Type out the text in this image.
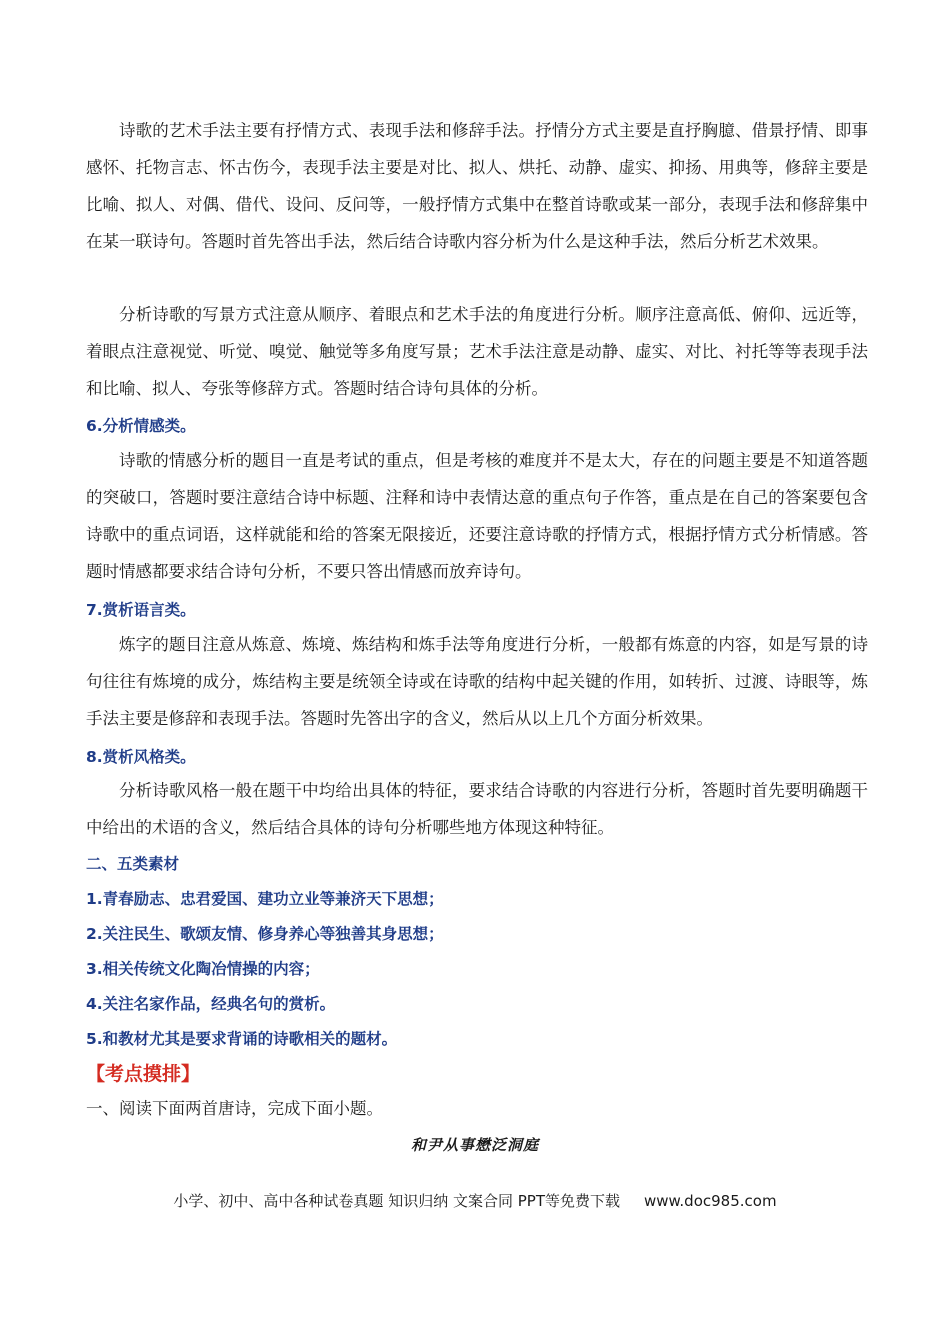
诗歌的艺术手法主要有抒情方式、表现手法和修辞手法。抒情分方式主要是直抒胸臆、借景抒情、即事感怀、托物言志、怀古伤今，表现手法主要是对比、拟人、烘托、动静、虚实、抑扬、用典等，修辞主要是比喻、拟人、对偶、借代、设问、反问等，一般抒情方式集中在整首诗歌或某一部分，表现手法和修辞集中在某一联诗句。答题时首先答出手法，然后结合诗歌内容分析为什么是这种手法，然后分析艺术效果。

分析诗歌的写景方式注意从顺序、着眼点和艺术手法的角度进行分析。顺序注意高低、俯仰、远近等，着眼点注意视觉、听觉、嗅觉、触觉等多角度写景；艺术手法注意是动静、虚实、对比、衬托等等表现手法和比喻、拟人、夸张等修辞方式。答题时结合诗句具体的分析。

6.分析情感类。

诗歌的情感分析的题目一直是考试的重点，但是考核的难度并不是太大，存在的问题主要是不知道答题的突破口，答题时要注意结合诗中标题、注释和诗中表情达意的重点句子作答，重点是在自己的答案要包含诗歌中的重点词语，这样就能和给的答案无限接近，还要注意诗歌的抒情方式，根据抒情方式分析情感。答题时情感都要求结合诗句分析，不要只答出情感而放弃诗句。

7.赏析语言类。

炼字的题目注意从炼意、炼境、炼结构和炼手法等角度进行分析，一般都有炼意的内容，如是写景的诗句往往有炼境的成分，炼结构主要是统领全诗或在诗歌的结构中起关键的作用，如转折、过渡、诗眼等，炼手法主要是修辞和表现手法。答题时先答出字的含义，然后从以上几个方面分析效果。

8.赏析风格类。

分析诗歌风格一般在题干中均给出具体的特征，要求结合诗歌的内容进行分析，答题时首先要明确题干中给出的术语的含义，然后结合具体的诗句分析哪些地方体现这种特征。

二、五类素材

1.青春励志、忠君爱国、建功立业等兼济天下思想；

2.关注民生、歌颂友情、修身养心等独善其身思想；

3.相关传统文化陶冶情操的内容；

4.关注名家作品，经典名句的赏析。

5.和教材尤其是要求背诵的诗歌相关的题材。

【考点摸排】

一、阅读下面两首唐诗，完成下面小题。

和尹从事懋泛洞庭

小学、初中、高中各种试卷真题 知识归纳 文案合同 PPT等免费下载 www.doc985.com
